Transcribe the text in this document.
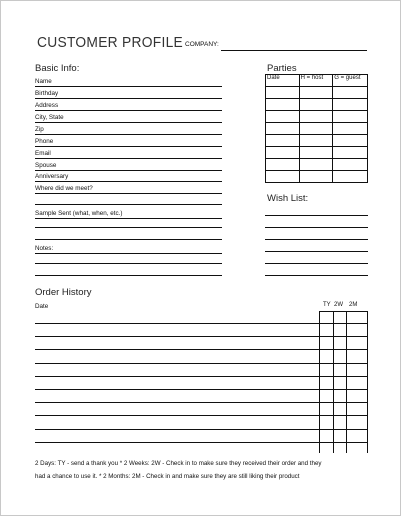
CUSTOMER PROFILE COMPANY:
Basic Info:
Name
Birthday
Address
City, State
Zip
Phone
Email
Spouse
Anniversary
Where did we meet?
Sample Sent (what, when, etc.)
Notes:
Parties
Date	H = host	G = guest

Wish List:
Order History
Date	TY 2W 2M
2 Days: TY - send a thank you * 2 Weeks: 2W - Check in to make sure they received their order and they
had a chance to use it. * 2 Months: 2M - Check in and make sure they are still liking their product
